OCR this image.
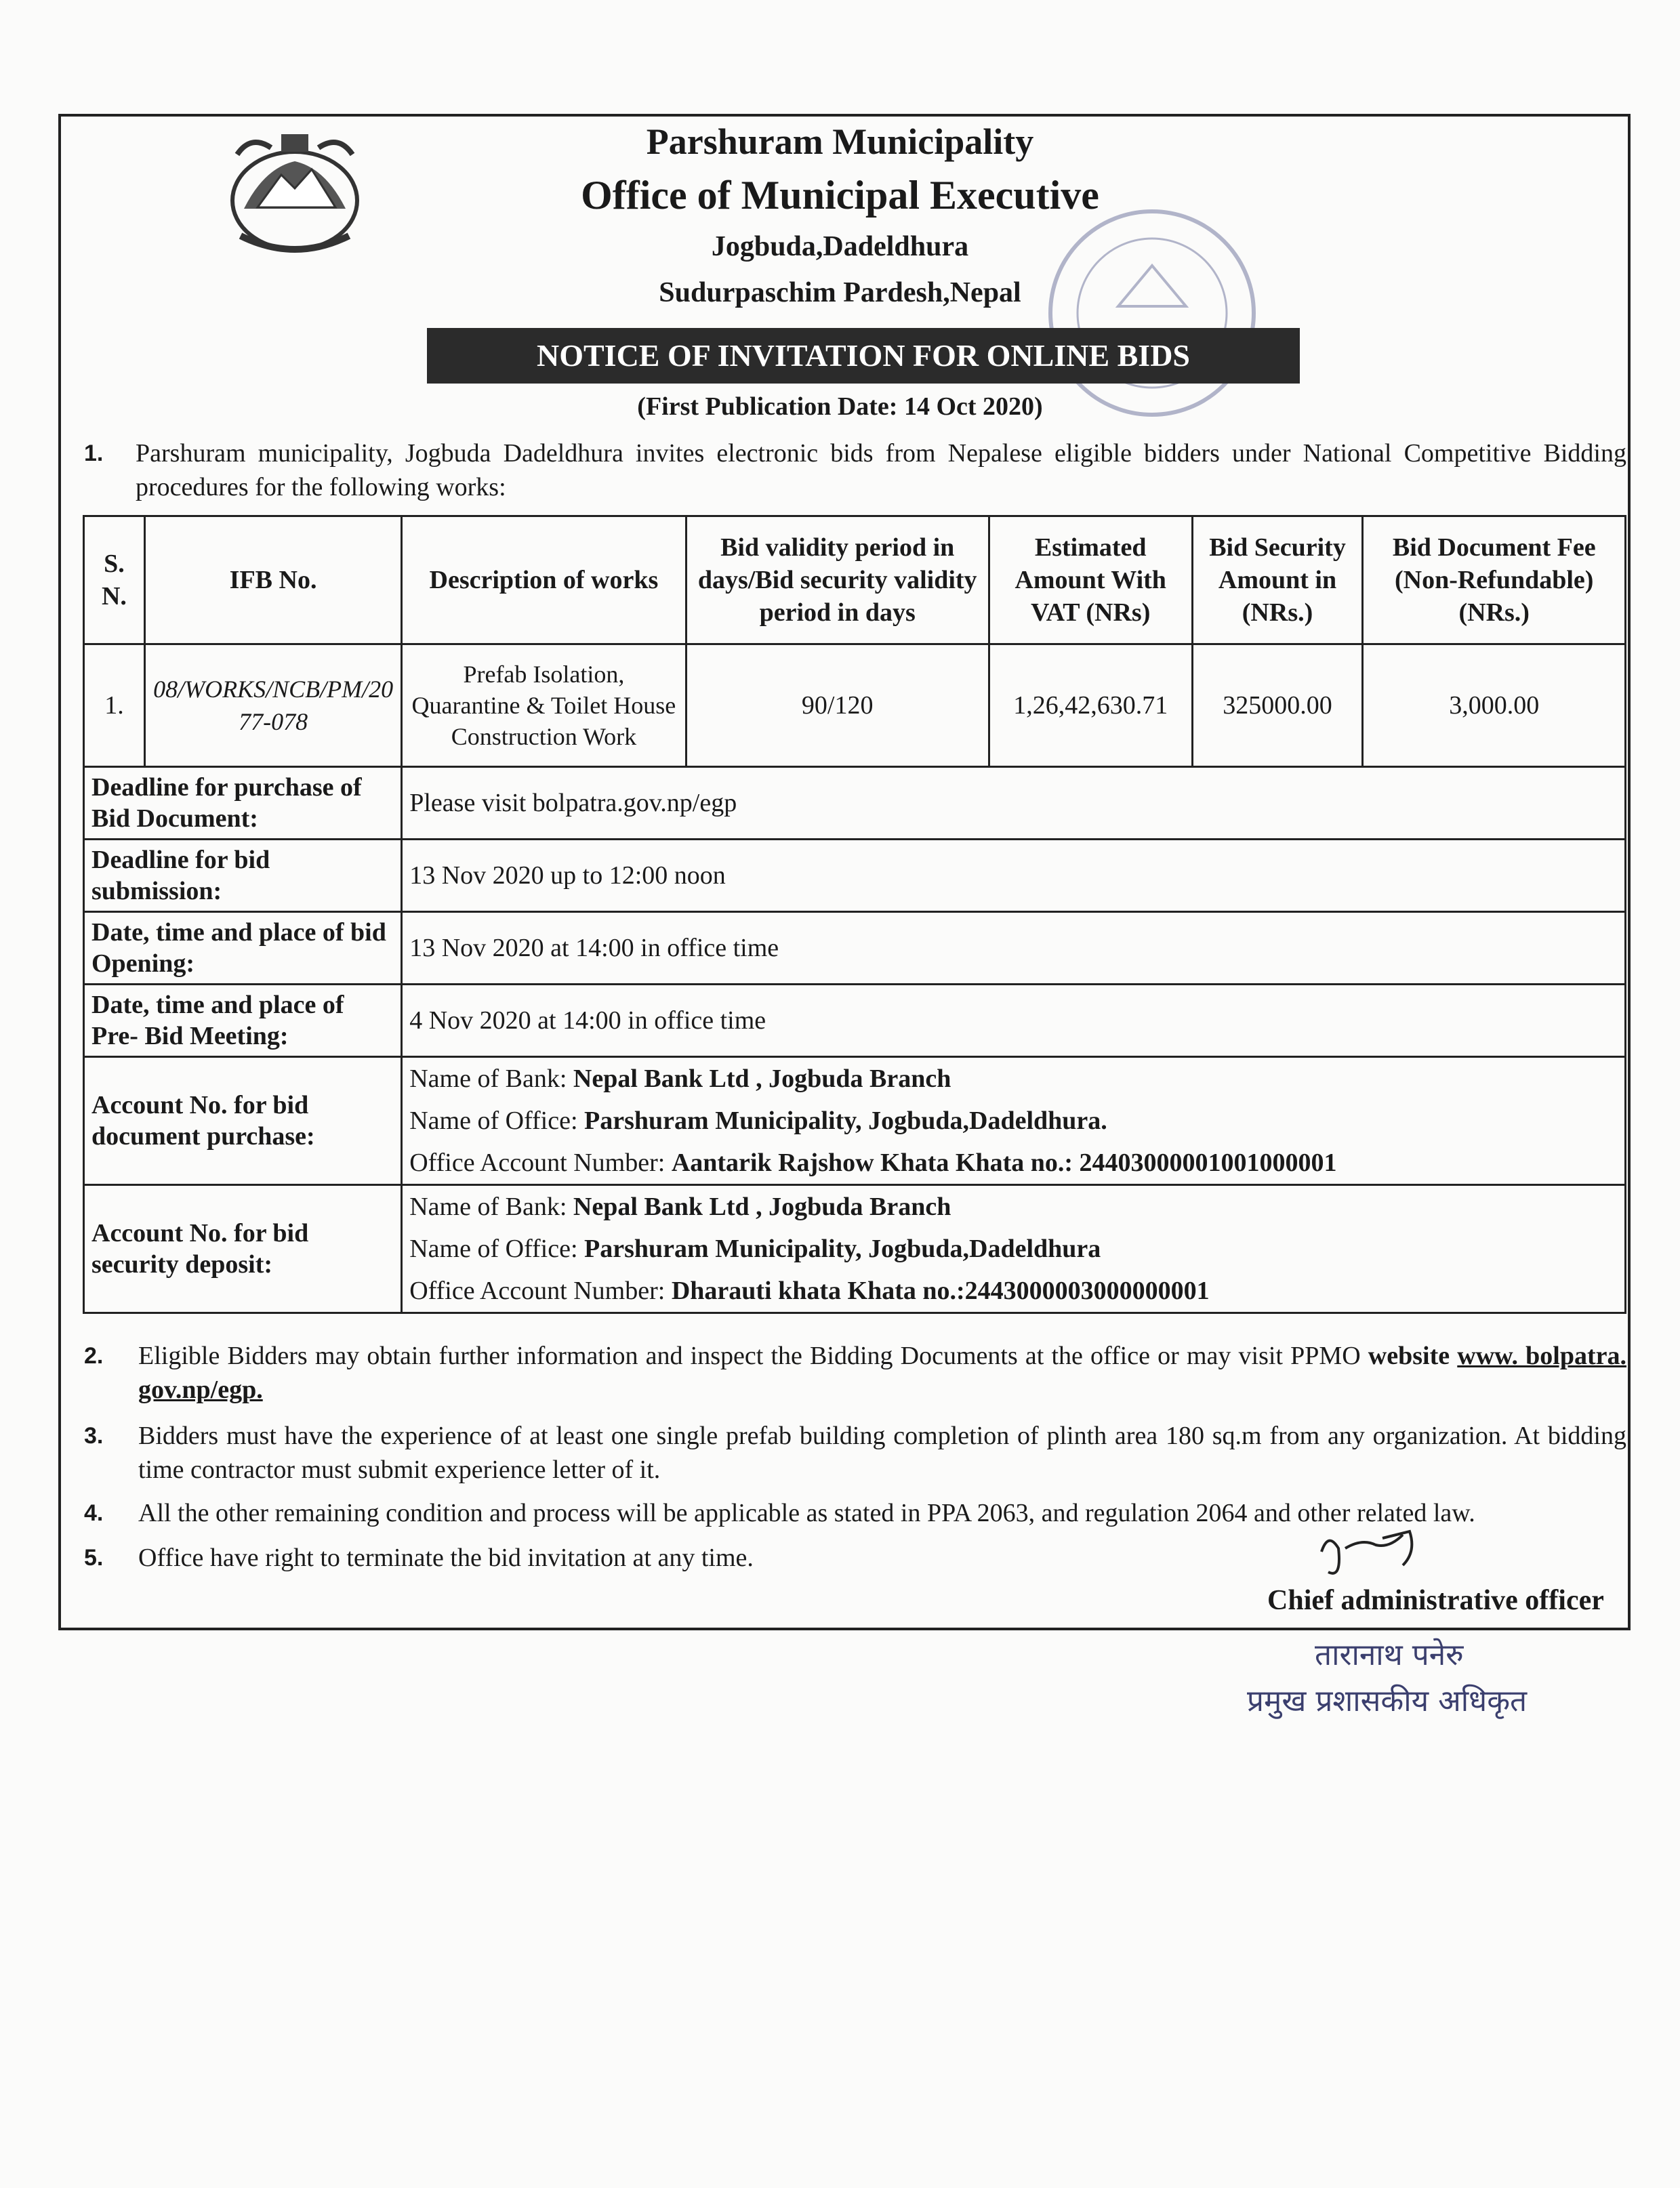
Parshuram Municipality
Office of Municipal Executive
Jogbuda,Dadeldhura
Sudurpaschim Pardesh,Nepal
NOTICE OF INVITATION FOR ONLINE BIDS
(First Publication Date: 14 Oct 2020)
1. Parshuram municipality, Jogbuda Dadeldhura invites electronic bids from Nepalese eligible bidders under National Competitive Bidding procedures for the following works:
S. N.	IFB No.	Description of works	Bid validity period in days/Bid security validity period in days	Estimated Amount With VAT (NRs)	Bid Security Amount in (NRs.)	Bid Document Fee (Non-Refundable) (NRs.)
1.	08/WORKS/NCB/PM/2077-078	Prefab Isolation, Quarantine & Toilet House Construction Work	90/120	1,26,42,630.71	325000.00	3,000.00
Deadline for purchase of Bid Document:		Please visit bolpatra.gov.np/egp				
Deadline for bid submission:		13 Nov 2020 up to 12:00 noon				
Date, time and place of bid Opening:		13 Nov 2020 at 14:00 in office time				
Date, time and place of Pre- Bid Meeting:		4 Nov 2020 at 14:00 in office time				
Account No. for bid document purchase:		Name of Bank: Nepal Bank Ltd , Jogbuda Branch
Name of Office: Parshuram Municipality, Jogbuda,Dadeldhura.
Office Account Number: Aantarik Rajshow Khata Khata no.: 24403000001001000001				

Account No. for bid security deposit:		Name of Bank: Nepal Bank Ltd , Jogbuda Branch
Name of Office: Parshuram Municipality, Jogbuda,Dadeldhura
Office Account Number: Dharauti khata Khata no.:2443000003000000001				
2. Eligible Bidders may obtain further information and inspect the Bidding Documents at the office or may visit PPMO website www. bolpatra. gov.np/egp.
3. Bidders must have the experience of at least one single prefab building completion of plinth area 180 sq.m from any organization. At bidding time contractor must submit experience letter of it.
4. All the other remaining condition and process will be applicable as stated in PPA 2063, and regulation 2064 and other related law.
5. Office have right to terminate the bid invitation at any time.
Chief administrative officer
तारानाथ पनेरु
प्रमुख प्रशासकीय अधिकृत
